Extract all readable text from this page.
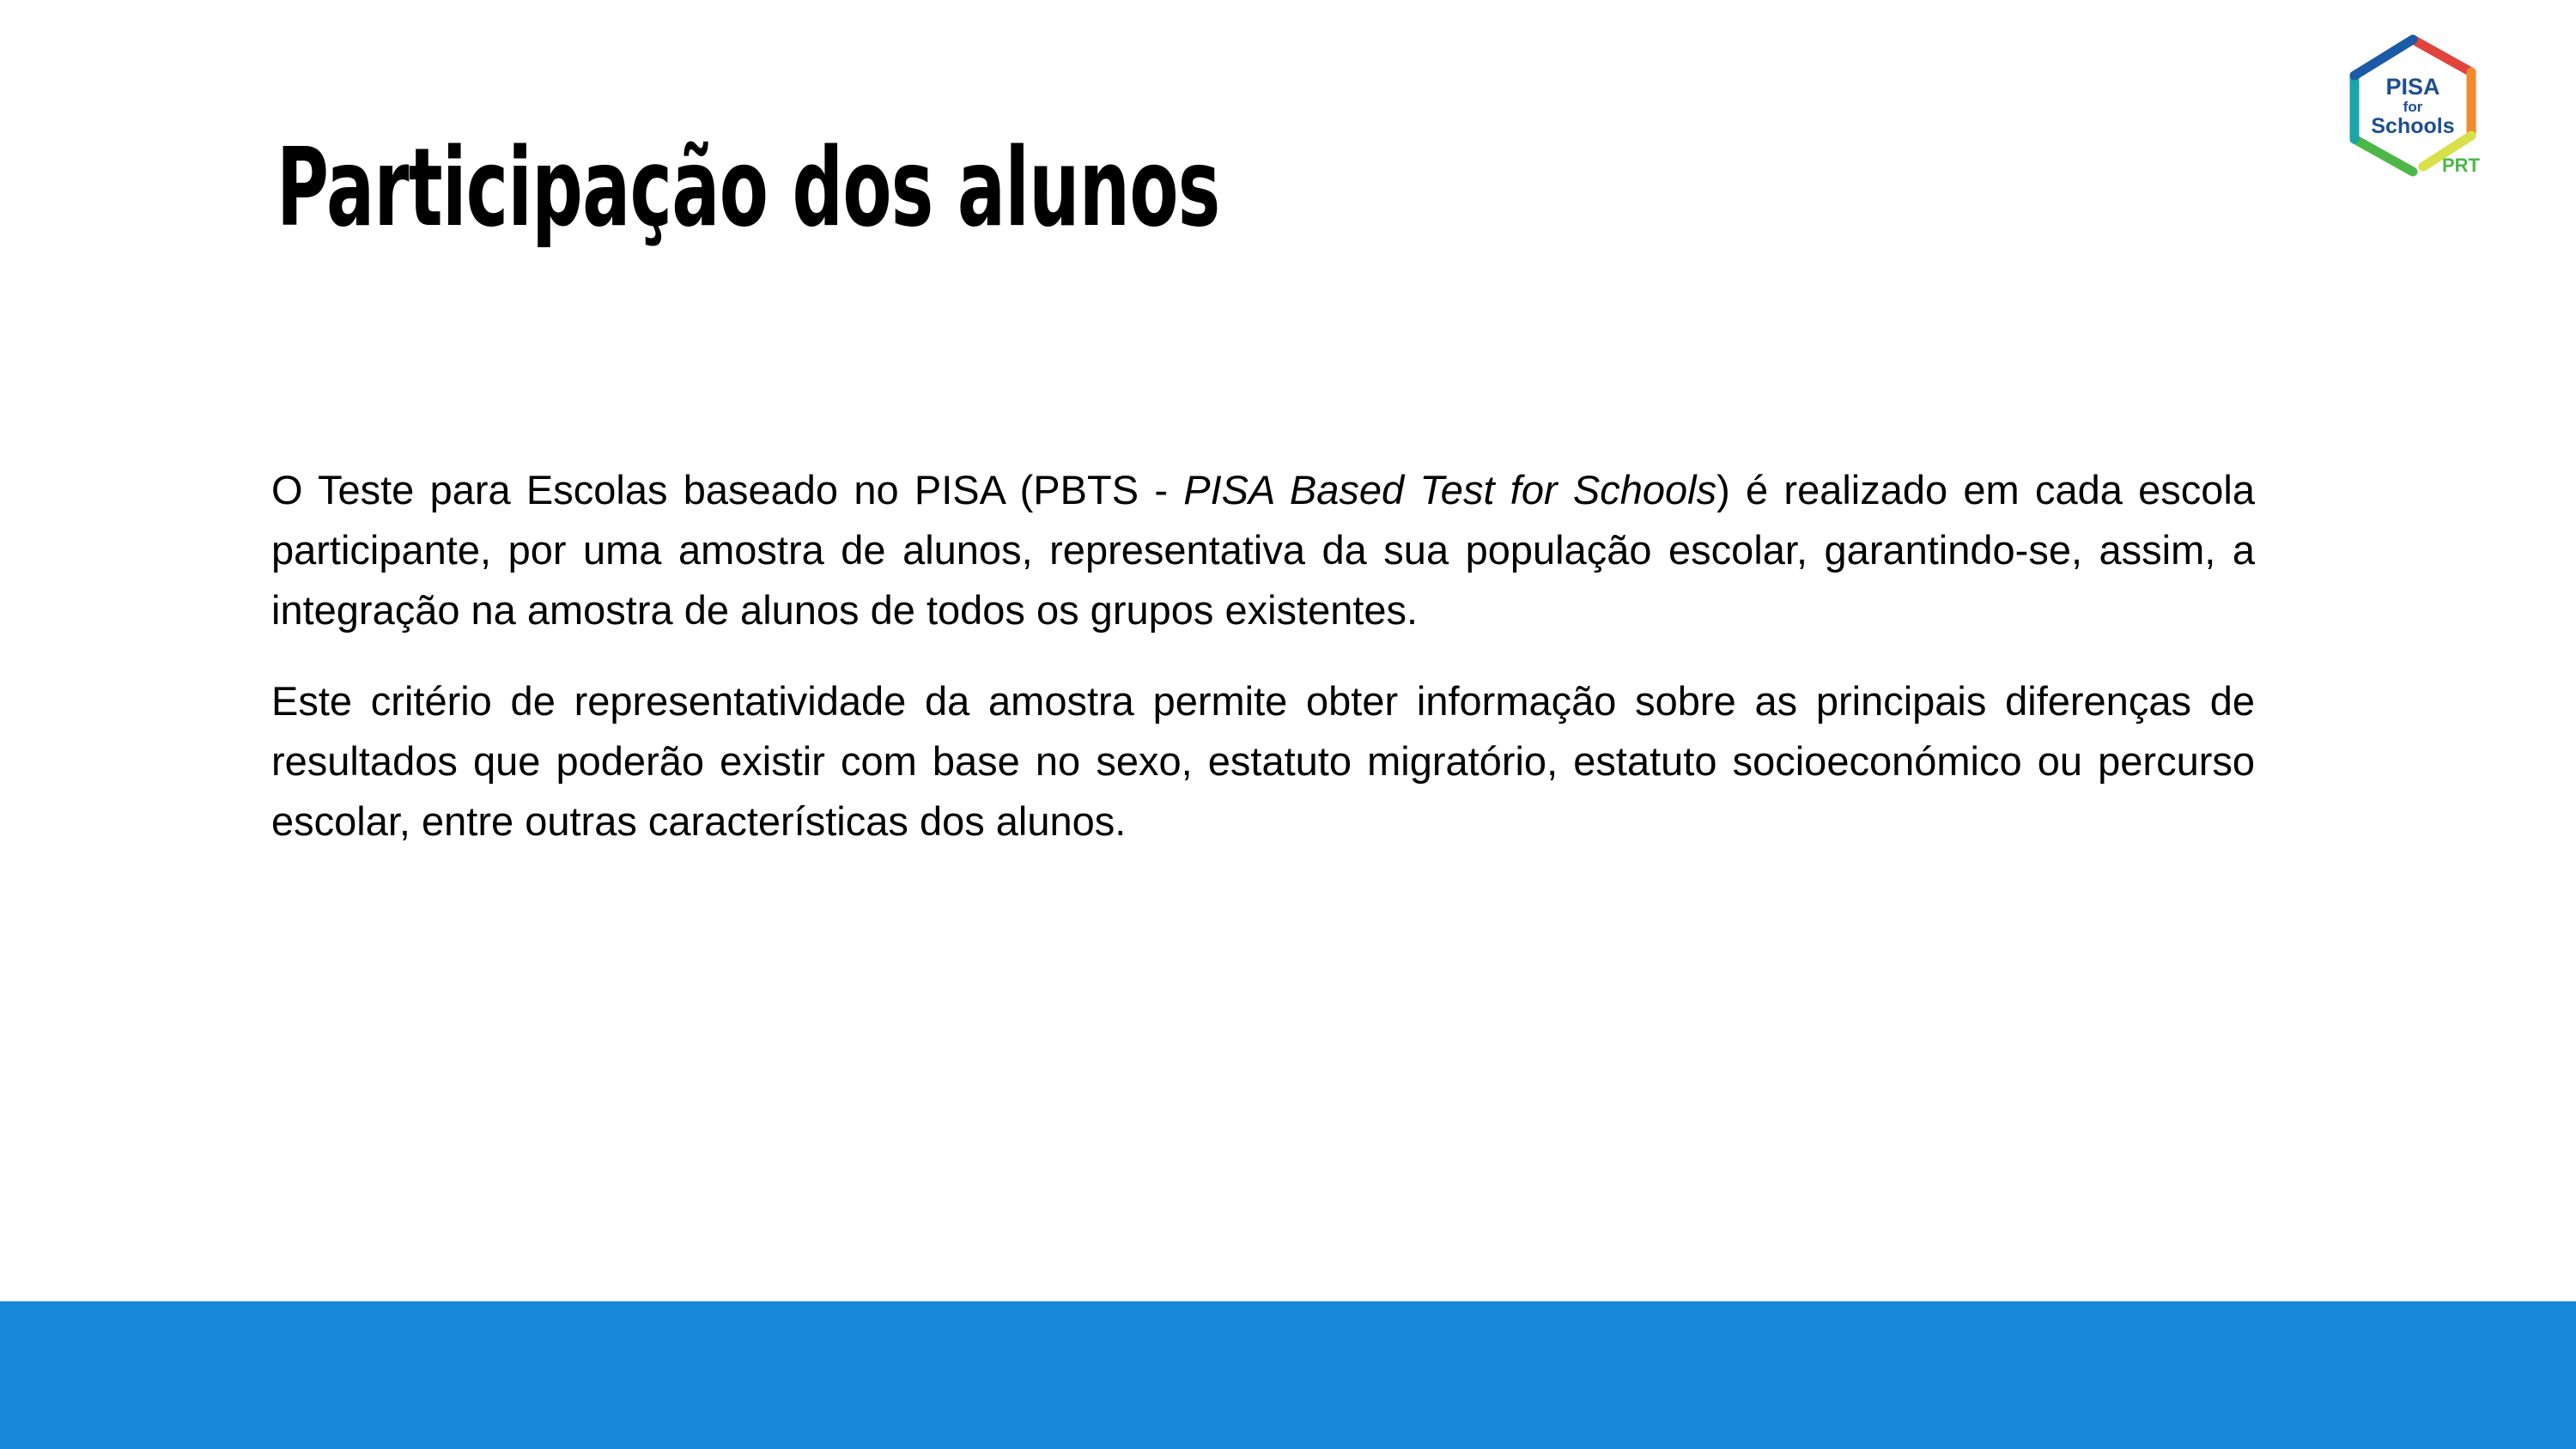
Participação dos alunos
PISA
for
Schools
PRT

O Teste para Escolas baseado no PISA (PBTS - PISA Based Test for Schools) é realizado em cada escola participante, por uma amostra de alunos, representativa da sua população escolar, garantindo-se, assim, a integração na amostra de alunos de todos os grupos existentes.

Este critério de representatividade da amostra permite obter informação sobre as principais diferenças de resultados que poderão existir com base no sexo, estatuto migratório, estatuto socioeconómico ou percurso escolar, entre outras características dos alunos.
